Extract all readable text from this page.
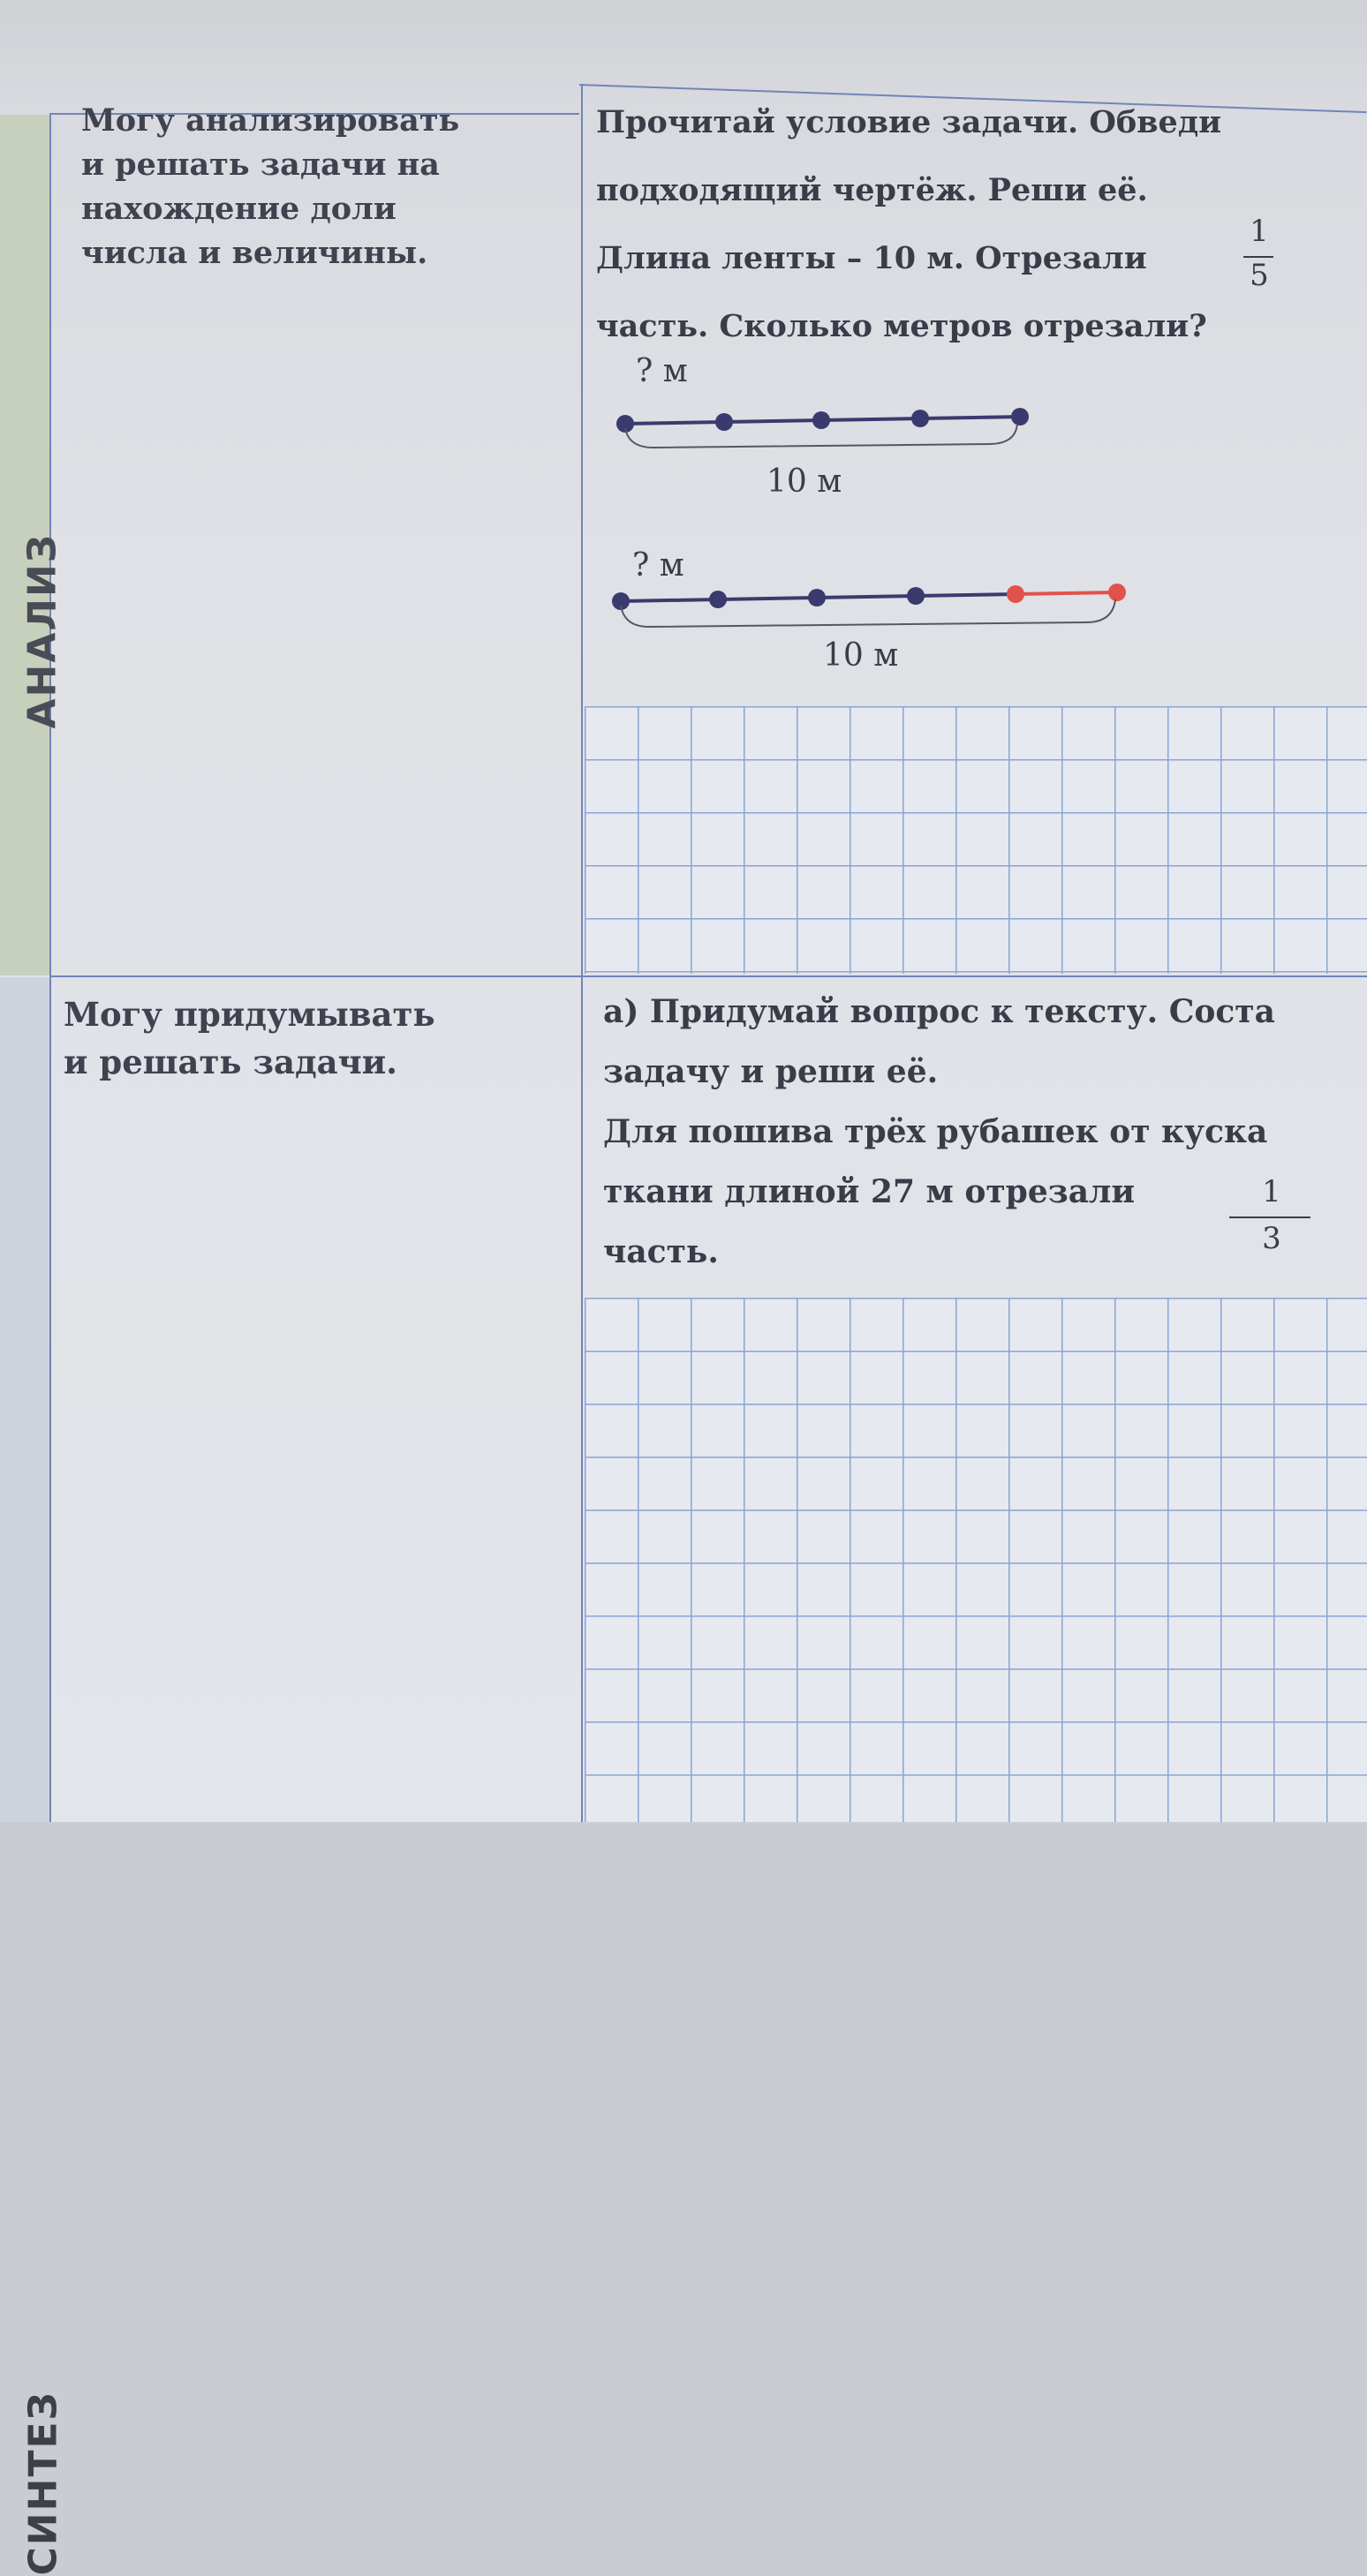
АНАЛИЗ
СИНТЕЗ
Могу анализировать
и решать задачи на
нахождение доли
числа и величины.
Прочитай условие задачи. Обведи
подходящий чертёж. Реши её.
Длина ленты – 10 м. Отрезали
часть. Сколько метров отрезали?
1
5
? м
10 м
? м
10 м
Могу придумывать
и решать задачи.
а) Придумай вопрос к тексту. Соста
задачу и реши её.
Для пошива трёх рубашек от куска
ткани длиной 27 м отрезали
часть.
1
3
